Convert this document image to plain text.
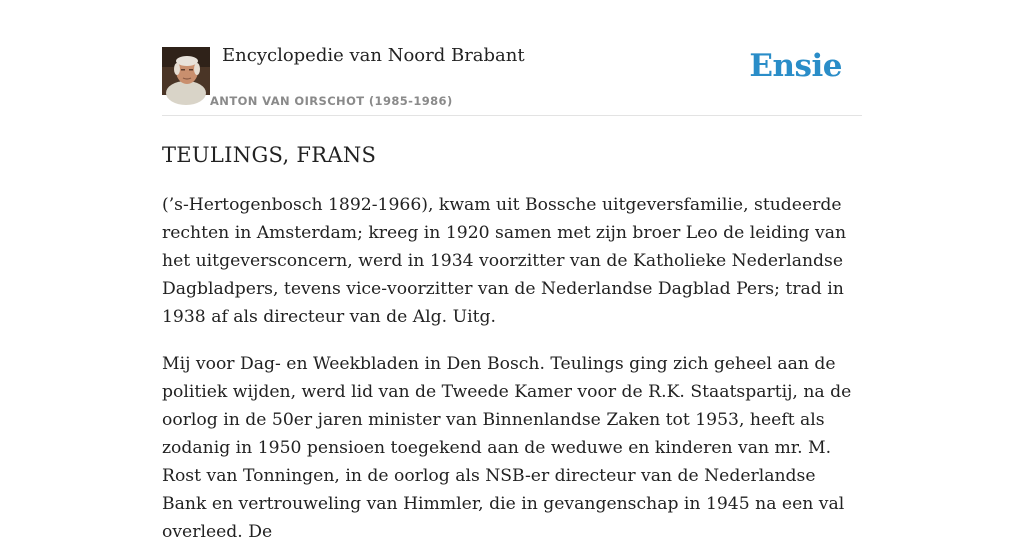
Encyclopedie van Noord Brabant
ANTON VAN OIRSCHOT (1985-1986)
Ensie
TEULINGS, FRANS

(’s-Hertogenbosch 1892-1966), kwam uit Bossche uitgeversfamilie, studeerde rechten in Amsterdam; kreeg in 1920 samen met zijn broer Leo de leiding van het uitgeversconcern, werd in 1934 voorzitter van de Katholieke Nederlandse Dagbladpers, tevens vice-voorzitter van de Nederlandse Dagblad Pers; trad in 1938 af als directeur van de Alg. Uitg.

Mij voor Dag- en Weekbladen in Den Bosch. Teulings ging zich geheel aan de politiek wijden, werd lid van de Tweede Kamer voor de R.K. Staatspartij, na de oorlog in de 50er jaren minister van Binnenlandse Zaken tot 1953, heeft als zodanig in 1950 pensioen toegekend aan de weduwe en kinderen van mr. M. Rost van Tonningen, in de oorlog als NSB-er directeur van de Nederlandse Bank en vertrouweling van Himmler, die in gevangenschap in 1945 na een val overleed. De
